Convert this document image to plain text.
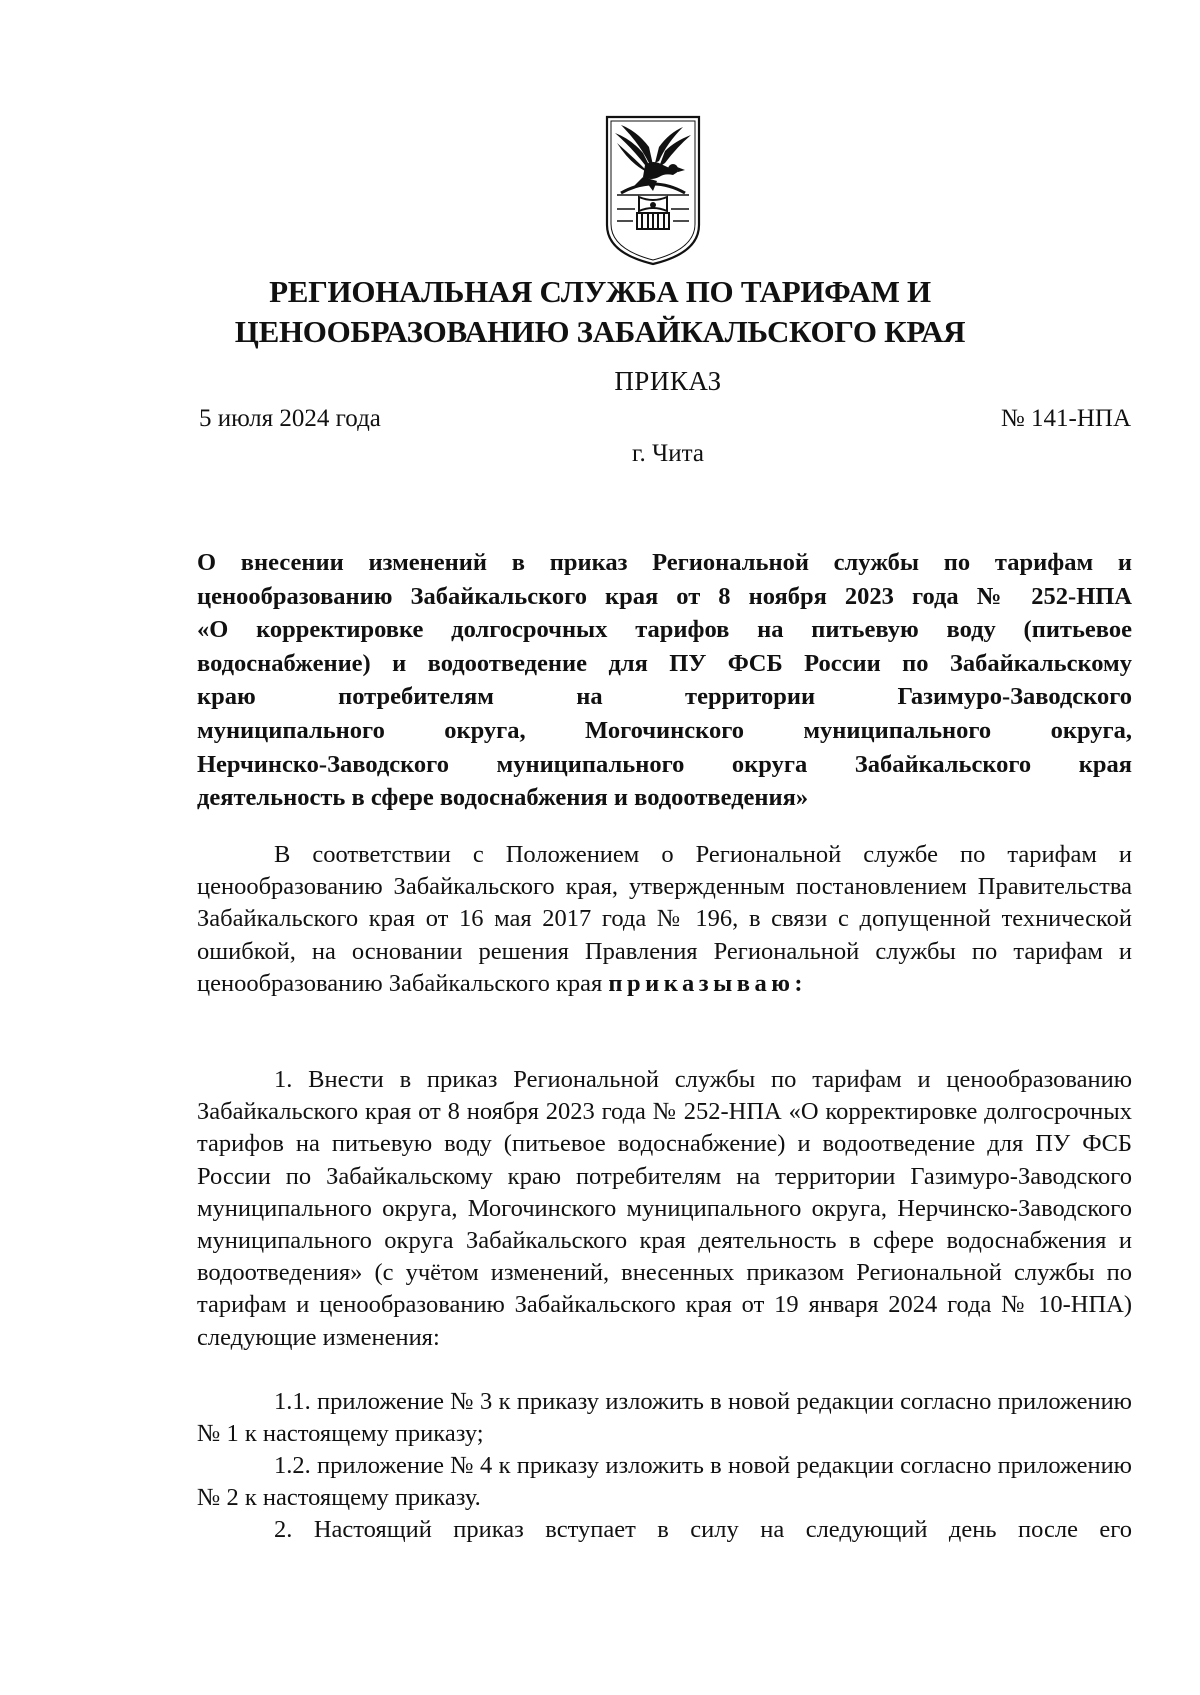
РЕГИОНАЛЬНАЯ СЛУЖБА ПО ТАРИФАМ И
ЦЕНООБРАЗОВАНИЮ ЗАБАЙКАЛЬСКОГО КРАЯ
ПРИКАЗ
5 июля 2024 года	№ 141-НПА
г. Чита
О внесении изменений в приказ Региональной службы по тарифам и
ценообразованию Забайкальского края от 8 ноября 2023 года № 252-НПА
«О корректировке долгосрочных тарифов на питьевую воду (питьевое
водоснабжение) и водоотведение для ПУ ФСБ России по Забайкальскому
краю потребителям на территории Газимуро-Заводского
муниципального округа, Могочинского муниципального округа,
Нерчинско-Заводского муниципального округа Забайкальского края
деятельность в сфере водоснабжения и водоотведения»

В соответствии с Положением о Региональной службе по тарифам и ценообразованию Забайкальского края, утвержденным постановлением Правительства Забайкальского края от 16 мая 2017 года № 196, в связи с допущенной технической ошибкой, на основании решения Правления Региональной службы по тарифам и ценообразованию Забайкальского края приказываю:

1. Внести в приказ Региональной службы по тарифам и ценообразованию Забайкальского края от 8 ноября 2023 года № 252-НПА «О корректировке долгосрочных тарифов на питьевую воду (питьевое водоснабжение) и водоотведение для ПУ ФСБ России по Забайкальскому краю потребителям на территории Газимуро-Заводского муниципального округа, Могочинского муниципального округа, Нерчинско-Заводского муниципального округа Забайкальского края деятельность в сфере водоснабжения и водоотведения» (с учётом изменений, внесенных приказом Региональной службы по тарифам и ценообразованию Забайкальского края от 19 января 2024 года № 10-НПА) следующие изменения:

1.1. приложение № 3 к приказу изложить в новой редакции согласно приложению № 1 к настоящему приказу;

1.2. приложение № 4 к приказу изложить в новой редакции согласно приложению № 2 к настоящему приказу.

2. Настоящий приказ вступает в силу на следующий день после его
